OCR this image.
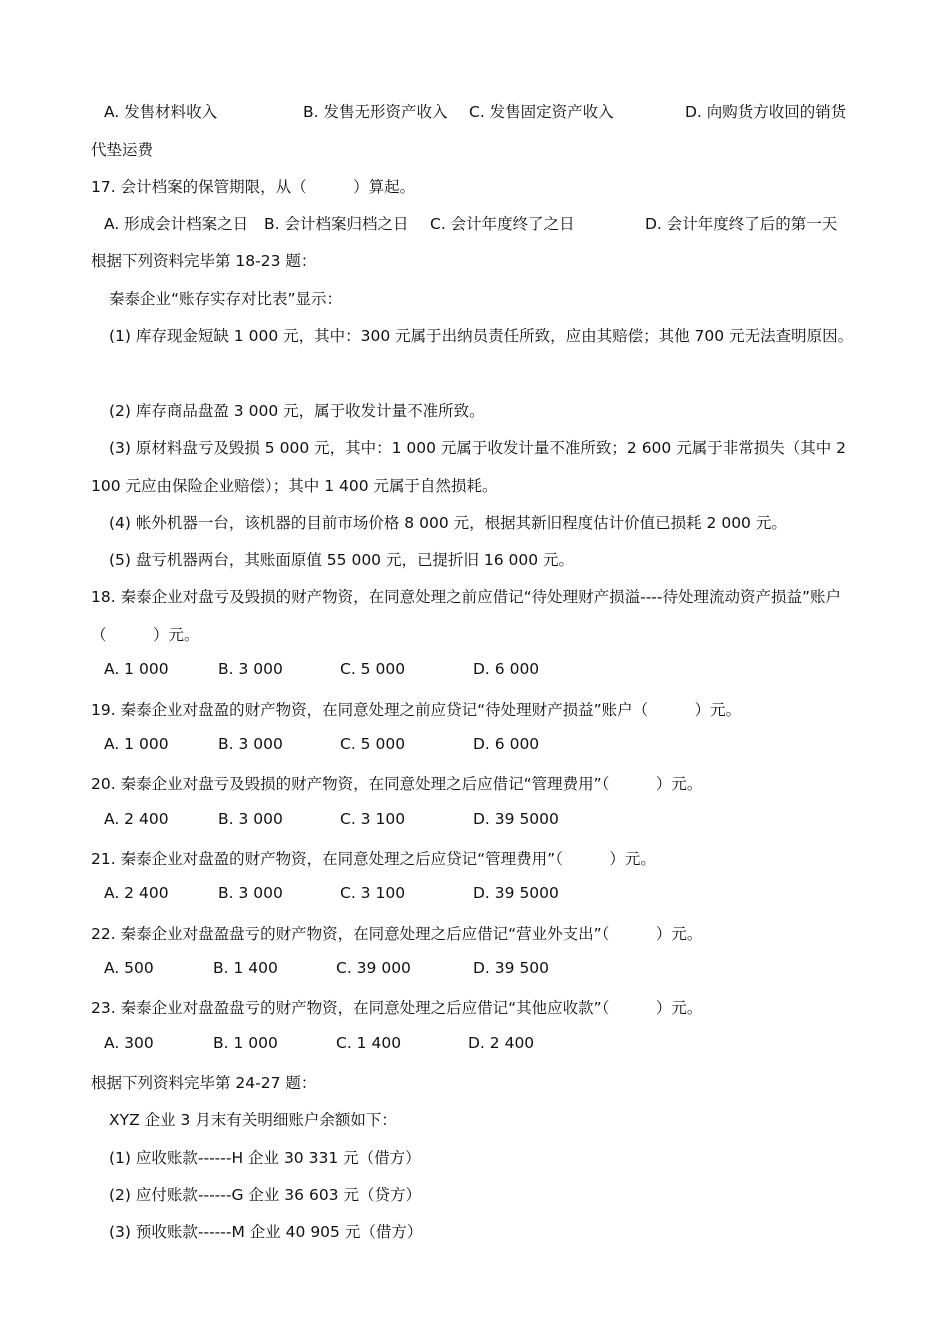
A. 发售材料收入	B. 发售无形资产收入 C. 发售固定资产收入	D. 向购货方收回的销货
代垫运费
17. 会计档案的保管期限，从（　　　）算起。
A. 形成会计档案之日 B. 会计档案归档之日 C. 会计年度终了之日	D. 会计年度终了后的第一天
根据下列资料完毕第 18-23 题：
秦泰企业“账存实存对比表”显示：
(1) 库存现金短缺 1 000 元，其中：300 元属于出纳员责任所致，应由其赔偿；其他 700 元无法查明原因。
(2) 库存商品盘盈 3 000 元，属于收发计量不准所致。
(3) 原材料盘亏及毁损 5 000 元，其中：1 000 元属于收发计量不准所致；2 600 元属于非常损失（其中 2 100 元应由保险企业赔偿）；其中 1 400 元属于自然损耗。
(4) 帐外机器一台，该机器的目前市场价格 8 000 元，根据其新旧程度估计价值已损耗 2 000 元。
(5) 盘亏机器两台，其账面原值 55 000 元，已提折旧 16 000 元。
18. 秦泰企业对盘亏及毁损的财产物资，在同意处理之前应借记“待处理财产损溢----待处理流动资产损益”账户（　　　）元。
A. 1 000	B. 3 000	C. 5 000	D. 6 000
19. 秦泰企业对盘盈的财产物资，在同意处理之前应贷记“待处理财产损益”账户（　　　）元。
A. 1 000	B. 3 000	C. 5 000	D. 6 000
20. 秦泰企业对盘亏及毁损的财产物资，在同意处理之后应借记“管理费用”（　　　）元。
A. 2 400	B. 3 000	C. 3 100	D. 39 5000
21. 秦泰企业对盘盈的财产物资，在同意处理之后应贷记“管理费用”（　　　）元。
A. 2 400	B. 3 000	C. 3 100	D. 39 5000
22. 秦泰企业对盘盈盘亏的财产物资，在同意处理之后应借记“营业外支出”（　　　）元。
A. 500	B. 1 400	C. 39 000	D. 39 500
23. 秦泰企业对盘盈盘亏的财产物资，在同意处理之后应借记“其他应收款”（　　　）元。
A. 300	B. 1 000	C. 1 400	D. 2 400
根据下列资料完毕第 24-27 题：
XYZ 企业 3 月末有关明细账户余额如下：
(1) 应收账款------H 企业 30 331 元（借方）
(2) 应付账款------G 企业 36 603 元（贷方）
(3) 预收账款------M 企业 40 905 元（借方）
